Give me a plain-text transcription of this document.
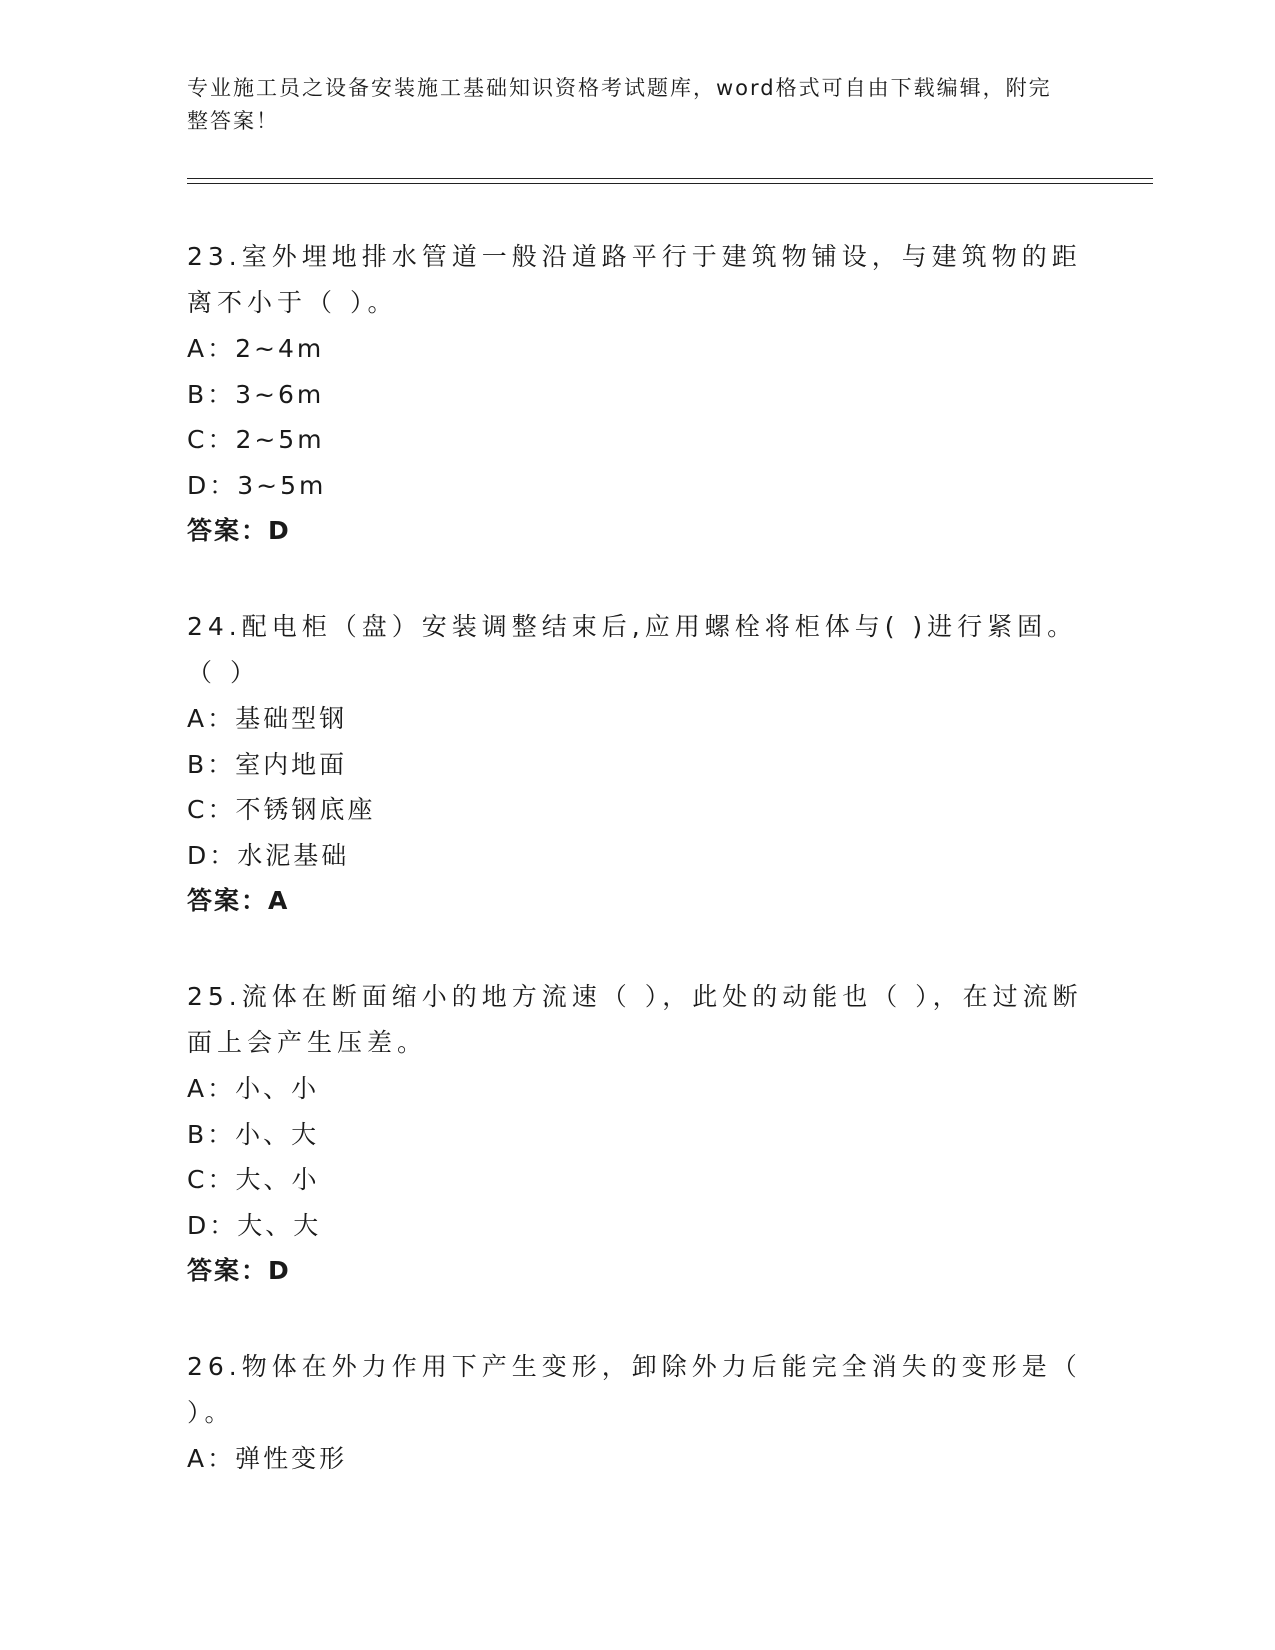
专业施工员之设备安装施工基础知识资格考试题库，word格式可自由下载编辑，附完整答案！

23.室外埋地排水管道一般沿道路平行于建筑物铺设，与建筑物的距离不小于（ ）。

A：2~4m

B：3~6m

C：2~5m

D：3~5m

答案：D

24.配电柜（盘）安装调整结束后,应用螺栓将柜体与( )进行紧固。（ ）

A：基础型钢

B：室内地面

C：不锈钢底座

D：水泥基础

答案：A

25.流体在断面缩小的地方流速（ ），此处的动能也（ ），在过流断面上会产生压差。

A：小、小

B：小、大

C：大、小

D：大、大

答案：D

26.物体在外力作用下产生变形，卸除外力后能完全消失的变形是（ ）。

A：弹性变形
